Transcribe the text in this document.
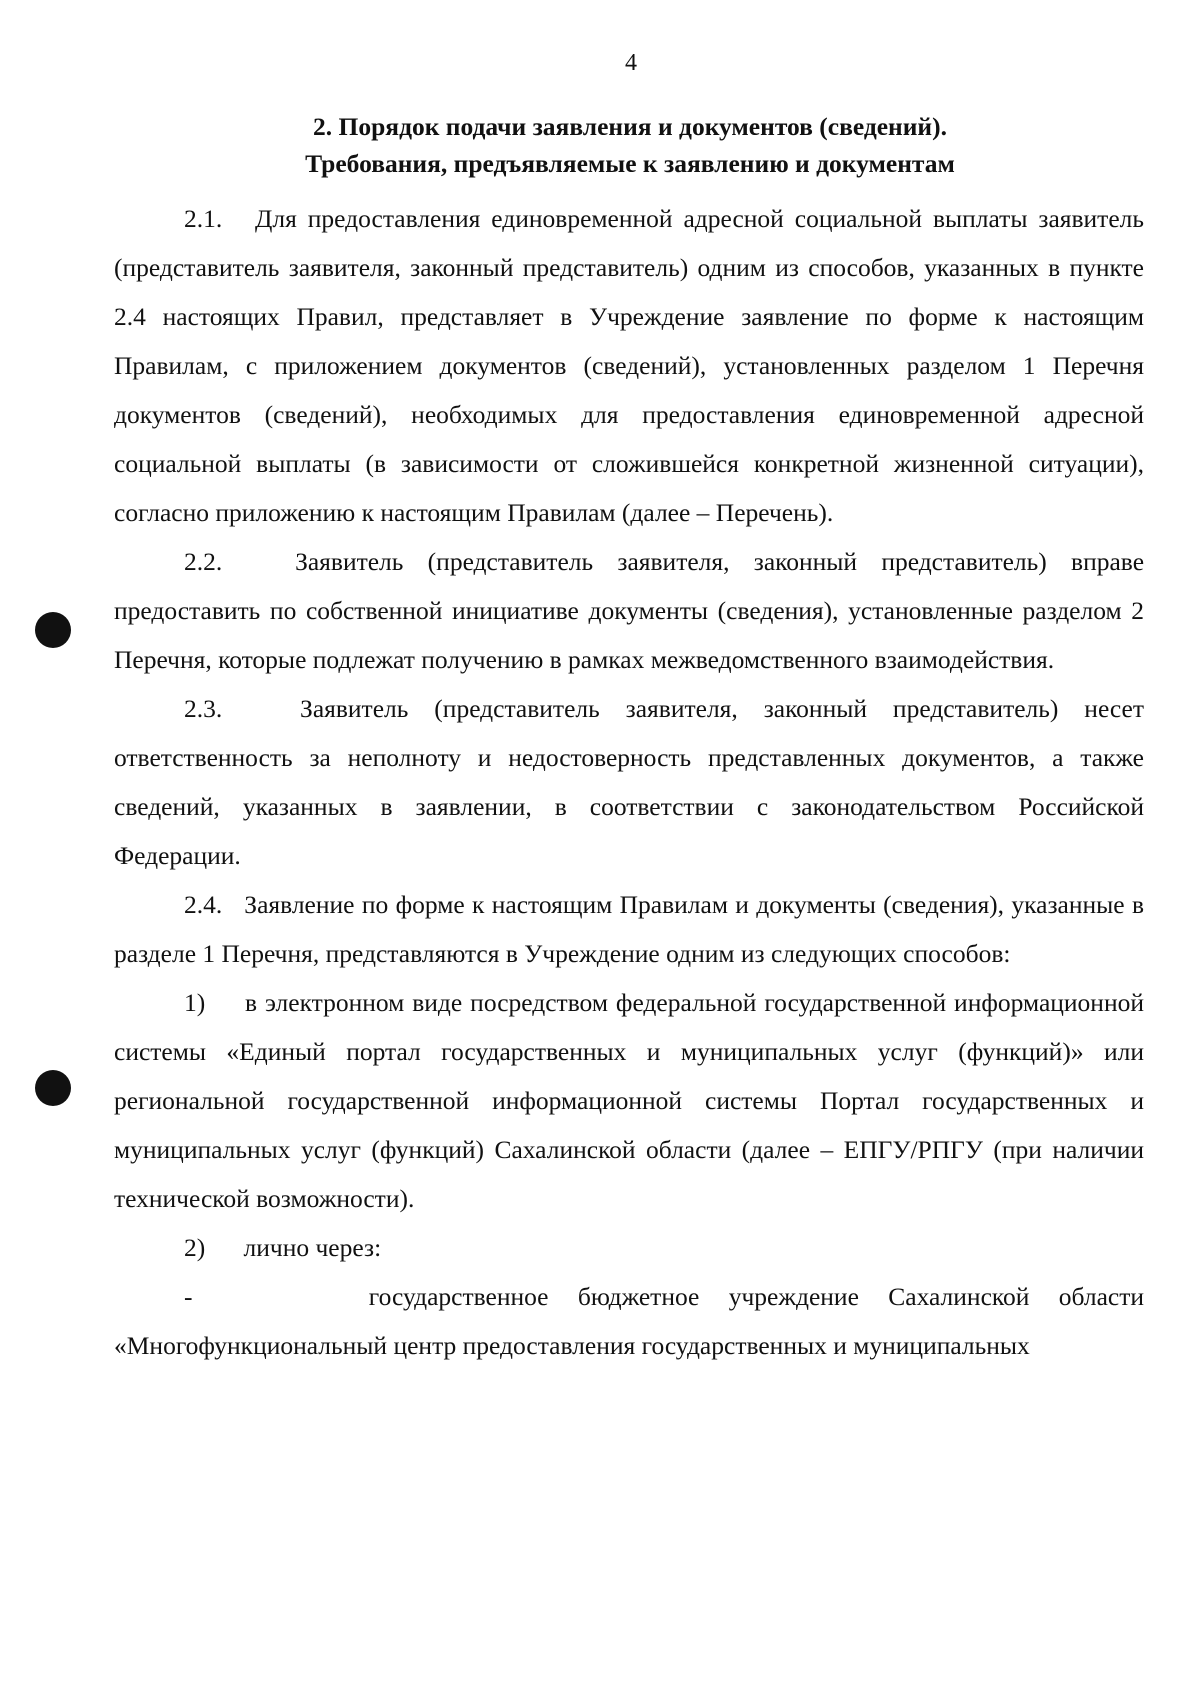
4
2. Порядок подачи заявления и документов (сведений).
Требования, предъявляемые к заявлению и документам

2.1. Для предоставления единовременной адресной социальной выплаты заявитель (представитель заявителя, законный представитель) одним из способов, указанных в пункте 2.4 настоящих Правил, представляет в Учреждение заявление по форме к настоящим Правилам, с приложением документов (сведений), установленных разделом 1 Перечня документов (сведений), необходимых для предоставления единовременной адресной социальной выплаты (в зависимости от сложившейся конкретной жизненной ситуации), согласно приложению к настоящим Правилам (далее – Перечень).

2.2.	Заявитель (представитель заявителя, законный представитель) вправе предоставить по собственной инициативе документы (сведения), установленные разделом 2 Перечня, которые подлежат получению в рамках межведомственного взаимодействия.

2.3.	Заявитель (представитель заявителя, законный представитель) несет ответственность за неполноту и недостоверность представленных документов, а также сведений, указанных в заявлении, в соответствии с законодательством Российской Федерации.

2.4. Заявление по форме к настоящим Правилам и документы (сведения), указанные в разделе 1 Перечня, представляются в Учреждение одним из следующих способов:

1) в электронном виде посредством федеральной государственной информационной системы «Единый портал государственных и муниципальных услуг (функций)» или региональной государственной информационной системы Портал государственных и муниципальных услуг (функций) Сахалинской области (далее – ЕПГУ/РПГУ (при наличии технической возможности).

2) лично через:

-	государственное бюджетное учреждение Сахалинской области «Многофункциональный центр предоставления государственных и муниципальных
